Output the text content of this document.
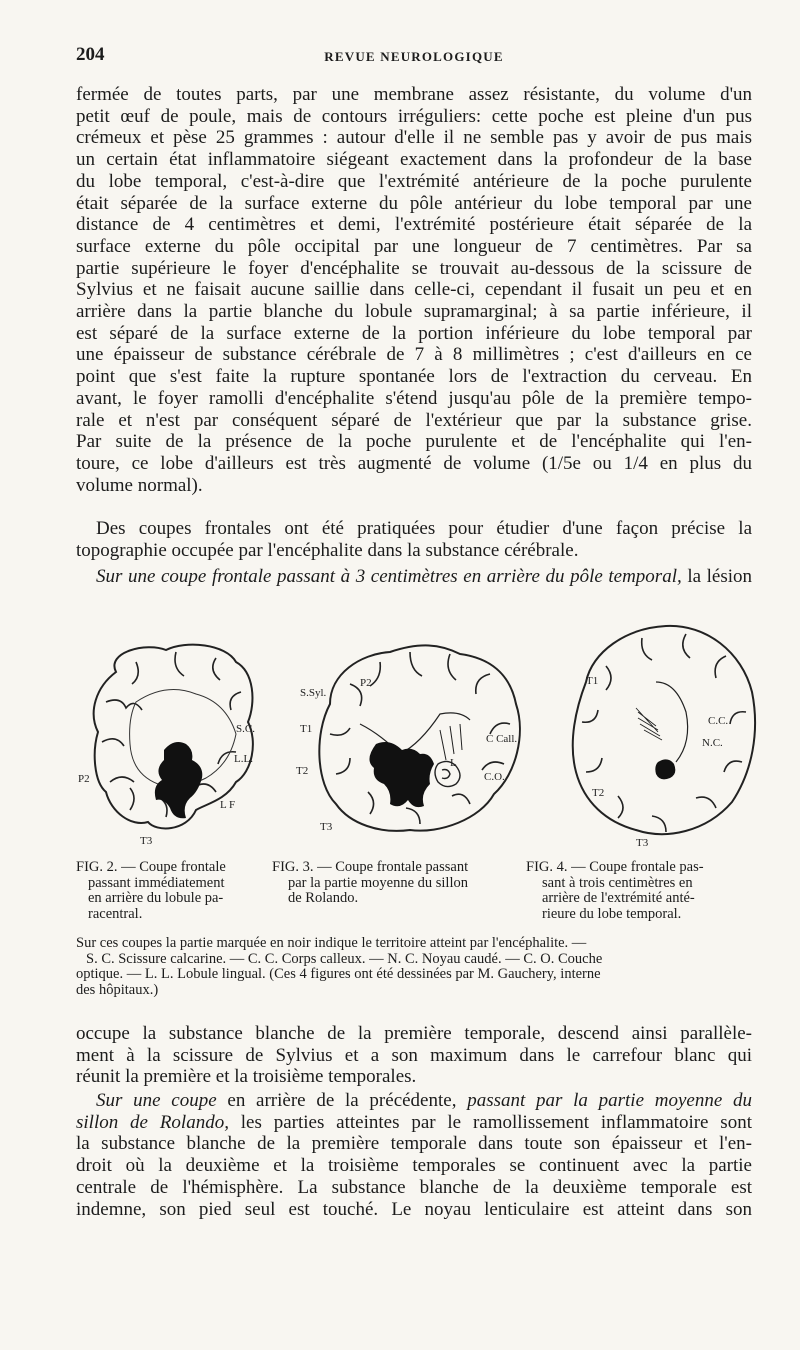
204	REVUE NEUROLOGIQUE
fermée de toutes parts, par une membrane assez résistante, du volume d'un
petit œuf de poule, mais de contours irréguliers: cette poche est pleine d'un pus
crémeux et pèse 25 grammes : autour d'elle il ne semble pas y avoir de pus mais
un certain état inflammatoire siégeant exactement dans la profondeur de la base
du lobe temporal, c'est-à-dire que l'extrémité antérieure de la poche purulente
était séparée de la surface externe du pôle antérieur du lobe temporal par une
distance de 4 centimètres et demi, l'extrémité postérieure était séparée de la
surface externe du pôle occipital par une longueur de 7 centimètres. Par sa
partie supérieure le foyer d'encéphalite se trouvait au-dessous de la scissure de
Sylvius et ne faisait aucune saillie dans celle-ci, cependant il fusait un peu et en
arrière dans la partie blanche du lobule supramarginal; à sa partie inférieure, il
est séparé de la surface externe de la portion inférieure du lobe temporal par
une épaisseur de substance cérébrale de 7 à 8 millimètres ; c'est d'ailleurs en ce
point que s'est faite la rupture spontanée lors de l'extraction du cerveau. En
avant, le foyer ramolli d'encéphalite s'étend jusqu'au pôle de la première tempo-
rale et n'est par conséquent séparé de l'extérieur que par la substance grise.
Par suite de la présence de la poche purulente et de l'encéphalite qui l'en-
toure, ce lobe d'ailleurs est très augmenté de volume (1/5e ou 1/4 en plus du
volume normal).
Des coupes frontales ont été pratiquées pour étudier d'une façon précise la
topographie occupée par l'encéphalite dans la substance cérébrale.
Sur une coupe frontale passant à 3 centimètres en arrière du pôle temporal, la lésion
S.C.
L.L.
L F
P2
T3
S.Syl.
P2
T1
T2
T3
C Call.
C.O.
L
T1
T2
T3
C.C.
N.C.
FIG. 2. — Coupe frontale
passant immédiatement
en arrière du lobule pa-
racentral.
FIG. 3. — Coupe frontale passant
par la partie moyenne du sillon
de Rolando.
FIG. 4. — Coupe frontale pas-
sant à trois centimètres en
arrière de l'extrémité anté-
rieure du lobe temporal.
Sur ces coupes la partie marquée en noir indique le territoire atteint par l'encéphalite. —
S. C. Scissure calcarine. — C. C. Corps calleux. — N. C. Noyau caudé. — C. O. Couche
optique. — L. L. Lobule lingual. (Ces 4 figures ont été dessinées par M. Gauchery, interne
des hôpitaux.)
occupe la substance blanche de la première temporale, descend ainsi parallèle-
ment à la scissure de Sylvius et a son maximum dans le carrefour blanc qui
réunit la première et la troisième temporales.
Sur une coupe en arrière de la précédente, passant par la partie moyenne du
sillon de Rolando, les parties atteintes par le ramollissement inflammatoire sont
la substance blanche de la première temporale dans toute son épaisseur et l'en-
droit où la deuxième et la troisième temporales se continuent avec la partie
centrale de l'hémisphère. La substance blanche de la deuxième temporale est
indemne, son pied seul est touché. Le noyau lenticulaire est atteint dans son
